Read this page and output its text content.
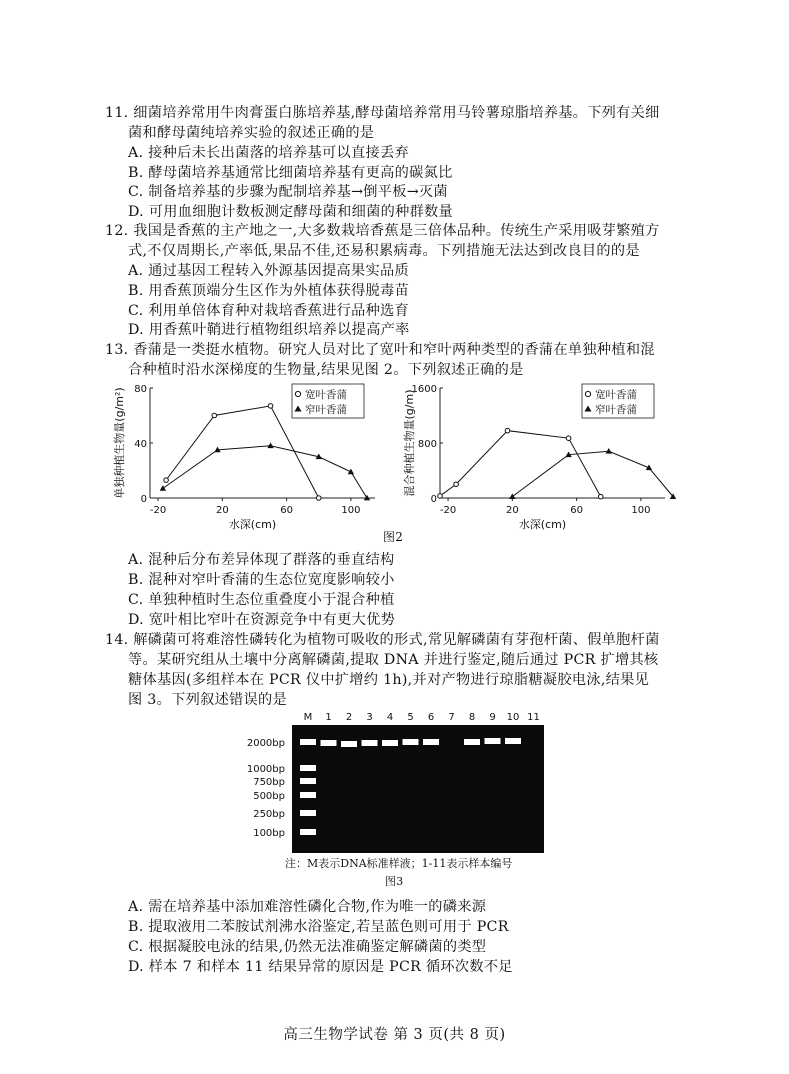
11. 细菌培养常用牛肉膏蛋白胨培养基,酵母菌培养常用马铃薯琼脂培养基。下列有关细
菌和酵母菌纯培养实验的叙述正确的是
A. 接种后未长出菌落的培养基可以直接丢弃
B. 酵母菌培养基通常比细菌培养基有更高的碳氮比
C. 制备培养基的步骤为配制培养基→倒平板→灭菌
D. 可用血细胞计数板测定酵母菌和细菌的种群数量
12. 我国是香蕉的主产地之一,大多数栽培香蕉是三倍体品种。传统生产采用吸芽繁殖方
式,不仅周期长,产率低,果品不佳,还易积累病毒。下列措施无法达到改良目的的是
A. 通过基因工程转入外源基因提高果实品质
B. 用香蕉顶端分生区作为外植体获得脱毒苗
C. 利用单倍体育种对栽培香蕉进行品种选育
D. 用香蕉叶鞘进行植物组织培养以提高产率
13. 香蒲是一类挺水植物。研究人员对比了宽叶和窄叶两种类型的香蒲在单独种植和混
合种植时沿水深梯度的生物量,结果见图 2。下列叙述正确的是
-20	20	60	100
0
40
80
水深(cm)
单独种植生物量(g/m²)	宽叶香蒲
窄叶香蒲
-20	20	60	100
0
800
1600
水深(cm)
混合种植生物量(g/m)	宽叶香蒲
窄叶香蒲
图2
A. 混种后分布差异体现了群落的垂直结构
B. 混种对窄叶香蒲的生态位宽度影响较小
C. 单独种植时生态位重叠度小于混合种植
D. 宽叶相比窄叶在资源竞争中有更大优势
14. 解磷菌可将难溶性磷转化为植物可吸收的形式,常见解磷菌有芽孢杆菌、假单胞杆菌
等。某研究组从土壤中分离解磷菌,提取 DNA 并进行鉴定,随后通过 PCR 扩增其核
糖体基因(多组样本在 PCR 仪中扩增约 1h),并对产物进行琼脂糖凝胶电泳,结果见
图 3。下列叙述错误的是
M 1 2 3 4 5 6 7 8 9 10 11
2000bp
1000bp
750bp
500bp
250bp
100bp
注：M表示DNA标准样液；1-11表示样本编号
图3
A. 需在培养基中添加难溶性磷化合物,作为唯一的磷来源
B. 提取液用二苯胺试剂沸水浴鉴定,若呈蓝色则可用于 PCR
C. 根据凝胶电泳的结果,仍然无法准确鉴定解磷菌的类型
D. 样本 7 和样本 11 结果异常的原因是 PCR 循环次数不足
高三生物学试卷 第 3 页(共 8 页)
